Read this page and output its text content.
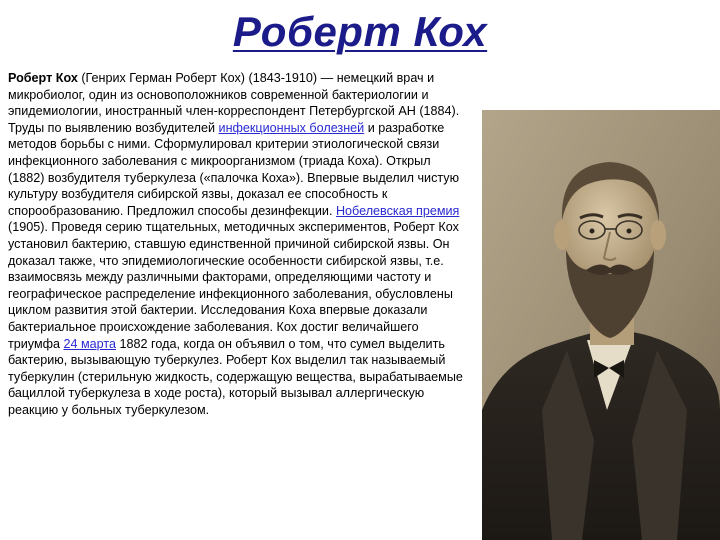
Роберт Кох

Роберт Кох (Генрих Герман Роберт Кох) (1843-1910) — немецкий врач и микробиолог, один из основоположников современной бактериологии и эпидемиологии, иностранный член-корреспондент Петербургской АН (1884). Труды по выявлению возбудителей инфекционных болезней и разработке методов борьбы с ними. Сформулировал критерии этиологической связи инфекционного заболевания с микроорганизмом (триада Коха). Открыл (1882) возбудителя туберкулеза («палочка Коха»). Впервые выделил чистую культуру возбудителя сибирской язвы, доказал ее способность к спорообразованию. Предложил способы дезинфекции. Нобелевская премия (1905). Проведя серию тщательных, методичных экспериментов, Роберт Кох установил бактерию, ставшую единственной причиной сибирской язвы. Он доказал также, что эпидемиологические особенности сибирской язвы, т.е. взаимосвязь между различными факторами, определяющими частоту и географическое распределение инфекционного заболевания, обусловлены циклом развития этой бактерии. Исследования Коха впервые доказали бактериальное происхождение заболевания. Кох достиг величайшего триумфа 24 марта 1882 года, когда он объявил о том, что сумел выделить бактерию, вызывающую туберкулез. Роберт Кох выделил так называемый туберкулин (стерильную жидкость, содержащую вещества, вырабатываемые бациллой туберкулеза в ходе роста), который вызывал аллергическую реакцию у больных туберкулезом.
